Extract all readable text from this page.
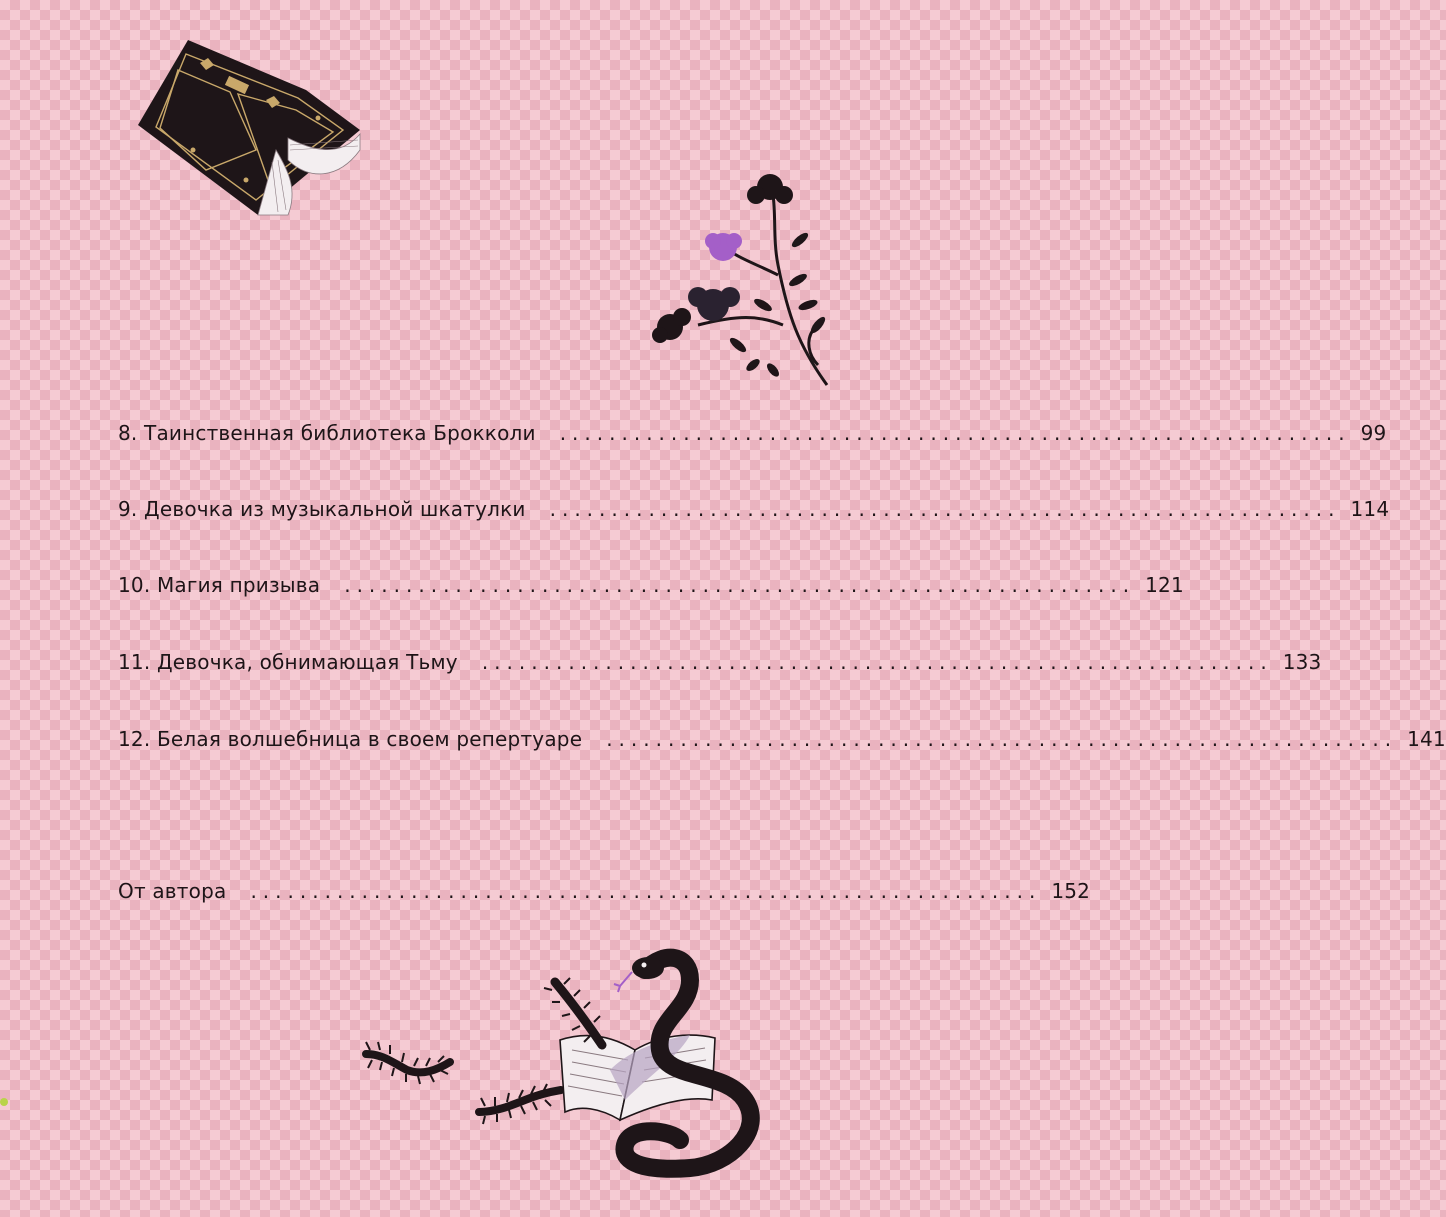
8. Таинственная библиотека Брокколи ................................................................ 99
9. Девочка из музыкальной шкатулки ................................................................ 114
10. Магия призыва ................................................................ 121
11. Девочка, обнимающая Тьму ................................................................ 133
12. Белая волшебница в своем репертуаре ................................................................ 141
От автора ................................................................ 152
